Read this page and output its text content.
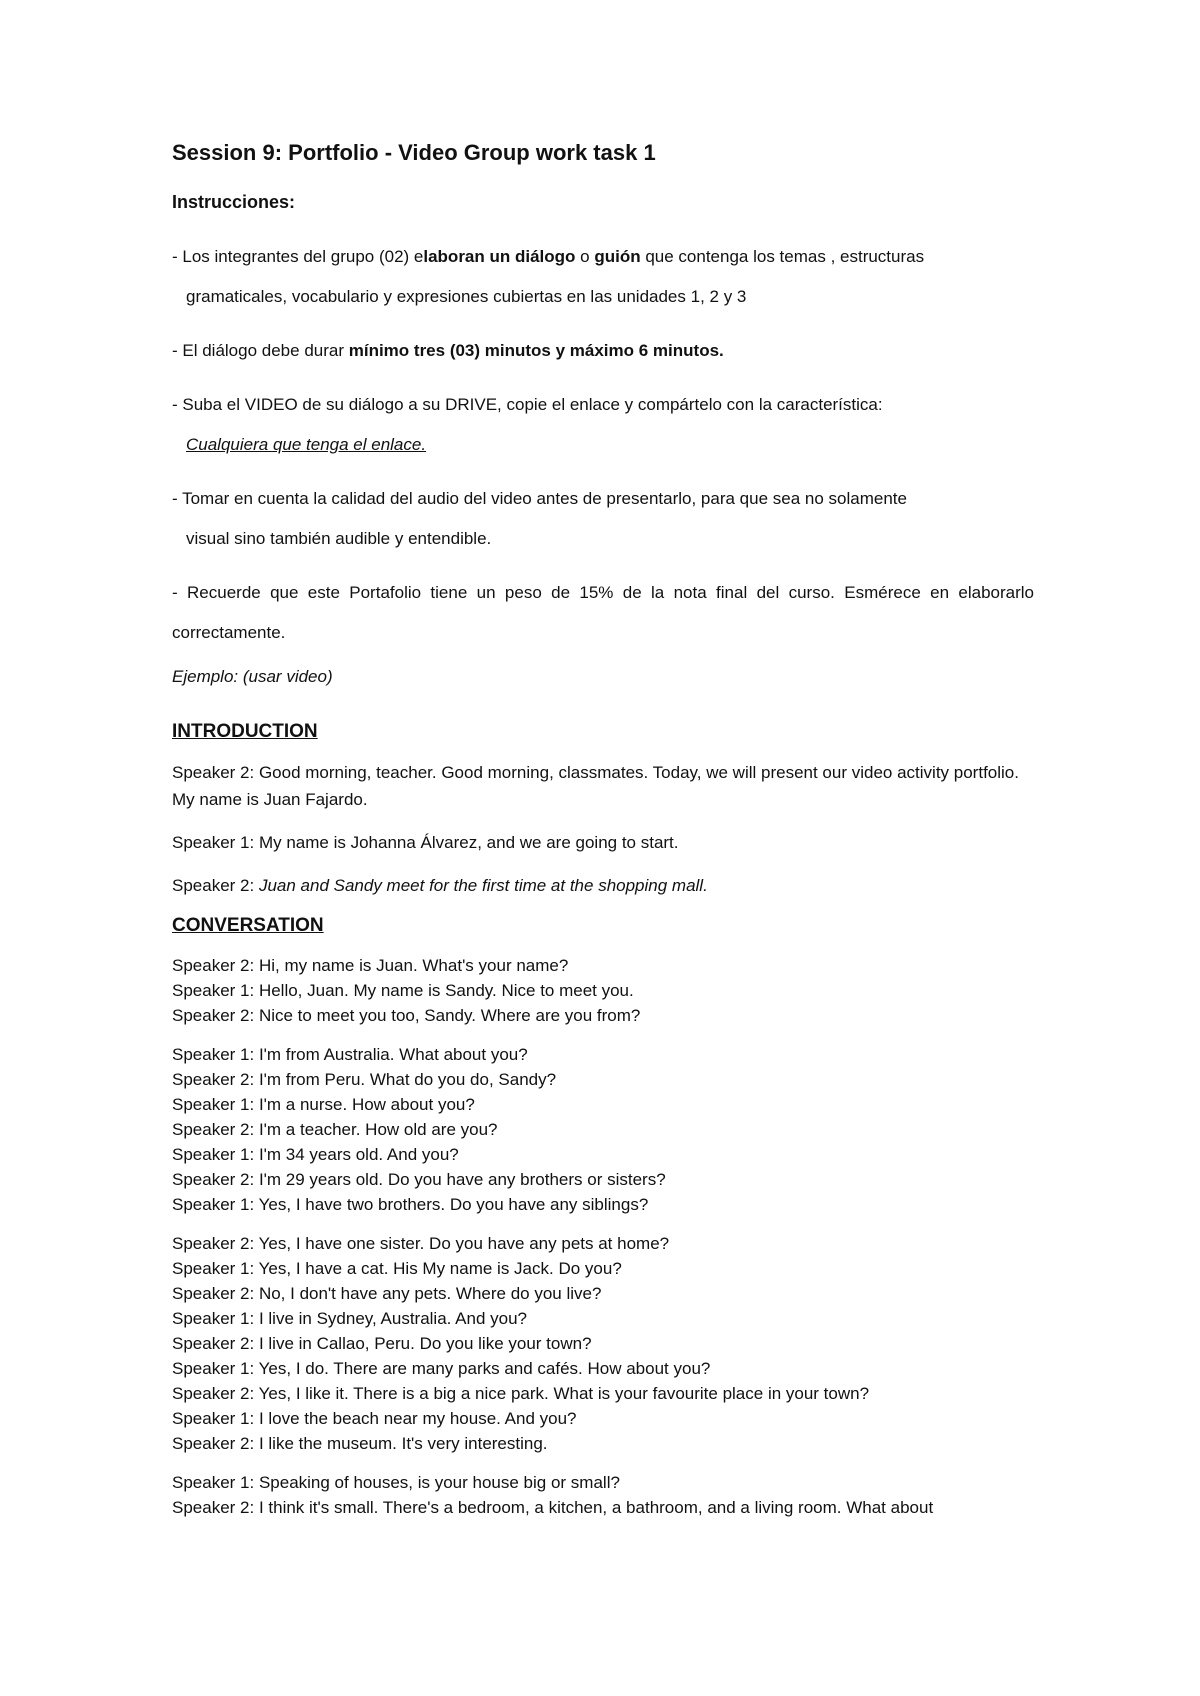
Session 9: Portfolio - Video Group work task 1
Instrucciones:
- Los integrantes del grupo (02) elaboran un diálogo o guión que contenga los temas , estructuras
gramaticales, vocabulario y expresiones cubiertas en las unidades 1, 2 y 3
- El diálogo debe durar mínimo tres (03) minutos y máximo 6 minutos.
- Suba el VIDEO de su diálogo a su DRIVE, copie el enlace y compártelo con la característica:
Cualquiera que tenga el enlace.
- Tomar en cuenta la calidad del audio del video antes de presentarlo, para que sea no solamente
visual sino también audible y entendible.
- Recuerde que este Portafolio tiene un peso de 15% de la nota final del curso. Esmérece en elaborarlo correctamente.
Ejemplo: (usar video)
INTRODUCTION
Speaker 2: Good morning, teacher. Good morning, classmates. Today, we will present our video activity portfolio. My name is Juan Fajardo.
Speaker 1: My name is Johanna Álvarez, and we are going to start.
Speaker 2: Juan and Sandy meet for the first time at the shopping mall.
CONVERSATION
Speaker 2: Hi, my name is Juan. What's your name?
Speaker 1: Hello, Juan. My name is Sandy. Nice to meet you.
Speaker 2: Nice to meet you too, Sandy. Where are you from?
Speaker 1: I'm from Australia. What about you?
Speaker 2: I'm from Peru. What do you do, Sandy?
Speaker 1: I'm a nurse. How about you?
Speaker 2: I'm a teacher. How old are you?
Speaker 1: I'm 34 years old. And you?
Speaker 2: I'm 29 years old. Do you have any brothers or sisters?
Speaker 1: Yes, I have two brothers. Do you have any siblings?
Speaker 2: Yes, I have one sister. Do you have any pets at home?
Speaker 1: Yes, I have a cat. His My name is Jack. Do you?
Speaker 2: No, I don't have any pets. Where do you live?
Speaker 1: I live in Sydney, Australia. And you?
Speaker 2: I live in Callao, Peru. Do you like your town?
Speaker 1: Yes, I do. There are many parks and cafés. How about you?
Speaker 2: Yes, I like it. There is a big a nice park. What is your favourite place in your town?
Speaker 1: I love the beach near my house. And you?
Speaker 2: I like the museum. It's very interesting.
Speaker 1: Speaking of houses, is your house big or small?
Speaker 2: I think it's small. There's a bedroom, a kitchen, a bathroom, and a living room. What about
